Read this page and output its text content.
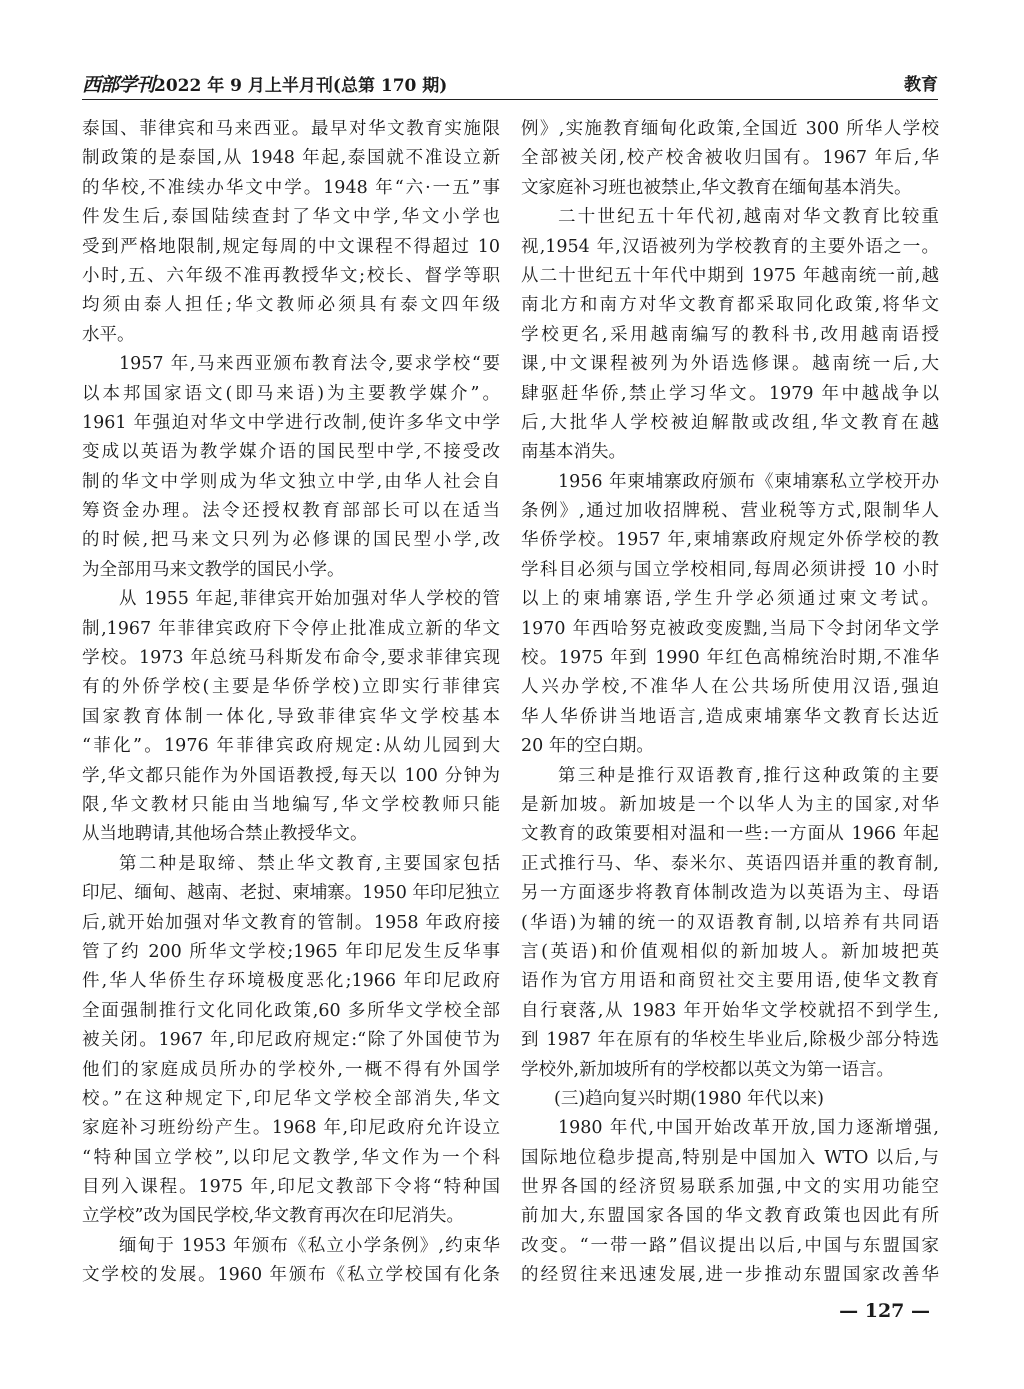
西部学刊2022 年 9 月上半月刊(总第 170 期)	教育
泰国、菲律宾和马来西亚。最早对华文教育实施限
制政策的是泰国,从 1948 年起,泰国就不准设立新
的华校,不准续办华文中学。1948 年“六·一五”事
件发生后,泰国陆续查封了华文中学,华文小学也
受到严格地限制,规定每周的中文课程不得超过 10
小时,五、六年级不准再教授华文;校长、督学等职
均须由泰人担任;华文教师必须具有泰文四年级
水平。
1957 年,马来西亚颁布教育法令,要求学校“要
以本邦国家语文(即马来语)为主要教学媒介”。
1961 年强迫对华文中学进行改制,使许多华文中学
变成以英语为教学媒介语的国民型中学,不接受改
制的华文中学则成为华文独立中学,由华人社会自
筹资金办理。法令还授权教育部部长可以在适当
的时候,把马来文只列为必修课的国民型小学,改
为全部用马来文教学的国民小学。
从 1955 年起,菲律宾开始加强对华人学校的管
制,1967 年菲律宾政府下令停止批准成立新的华文
学校。1973 年总统马科斯发布命令,要求菲律宾现
有的外侨学校(主要是华侨学校)立即实行菲律宾
国家教育体制一体化,导致菲律宾华文学校基本
“菲化”。1976 年菲律宾政府规定:从幼儿园到大
学,华文都只能作为外国语教授,每天以 100 分钟为
限,华文教材只能由当地编写,华文学校教师只能
从当地聘请,其他场合禁止教授华文。
第二种是取缔、禁止华文教育,主要国家包括
印尼、缅甸、越南、老挝、柬埔寨。1950 年印尼独立
后,就开始加强对华文教育的管制。1958 年政府接
管了约 200 所华文学校;1965 年印尼发生反华事
件,华人华侨生存环境极度恶化;1966 年印尼政府
全面强制推行文化同化政策,60 多所华文学校全部
被关闭。1967 年,印尼政府规定:“除了外国使节为
他们的家庭成员所办的学校外,一概不得有外国学
校。”在这种规定下,印尼华文学校全部消失,华文
家庭补习班纷纷产生。1968 年,印尼政府允许设立
“特种国立学校”,以印尼文教学,华文作为一个科
目列入课程。1975 年,印尼文教部下令将“特种国
立学校”改为国民学校,华文教育再次在印尼消失。
缅甸于 1953 年颁布《私立小学条例》,约束华
文学校的发展。1960 年颁布《私立学校国有化条
例》,实施教育缅甸化政策,全国近 300 所华人学校
全部被关闭,校产校舍被收归国有。1967 年后,华
文家庭补习班也被禁止,华文教育在缅甸基本消失。
二十世纪五十年代初,越南对华文教育比较重
视,1954 年,汉语被列为学校教育的主要外语之一。
从二十世纪五十年代中期到 1975 年越南统一前,越
南北方和南方对华文教育都采取同化政策,将华文
学校更名,采用越南编写的教科书,改用越南语授
课,中文课程被列为外语选修课。越南统一后,大
肆驱赶华侨,禁止学习华文。1979 年中越战争以
后,大批华人学校被迫解散或改组,华文教育在越
南基本消失。
1956 年柬埔寨政府颁布《柬埔寨私立学校开办
条例》,通过加收招牌税、营业税等方式,限制华人
华侨学校。1957 年,柬埔寨政府规定外侨学校的教
学科目必须与国立学校相同,每周必须讲授 10 小时
以上的柬埔寨语,学生升学必须通过柬文考试。
1970 年西哈努克被政变废黜,当局下令封闭华文学
校。1975 年到 1990 年红色高棉统治时期,不准华
人兴办学校,不准华人在公共场所使用汉语,强迫
华人华侨讲当地语言,造成柬埔寨华文教育长达近
20 年的空白期。
第三种是推行双语教育,推行这种政策的主要
是新加坡。新加坡是一个以华人为主的国家,对华
文教育的政策要相对温和一些:一方面从 1966 年起
正式推行马、华、泰米尔、英语四语并重的教育制,
另一方面逐步将教育体制改造为以英语为主、母语
(华语)为辅的统一的双语教育制,以培养有共同语
言(英语)和价值观相似的新加坡人。新加坡把英
语作为官方用语和商贸社交主要用语,使华文教育
自行衰落,从 1983 年开始华文学校就招不到学生,
到 1987 年在原有的华校生毕业后,除极少部分特选
学校外,新加坡所有的学校都以英文为第一语言。
(三)趋向复兴时期(1980 年代以来)
1980 年代,中国开始改革开放,国力逐渐增强,
国际地位稳步提高,特别是中国加入 WTO 以后,与
世界各国的经济贸易联系加强,中文的实用功能空
前加大,东盟国家各国的华文教育政策也因此有所
改变。“一带一路”倡议提出以后,中国与东盟国家
的经贸往来迅速发展,进一步推动东盟国家改善华
— 127 —
